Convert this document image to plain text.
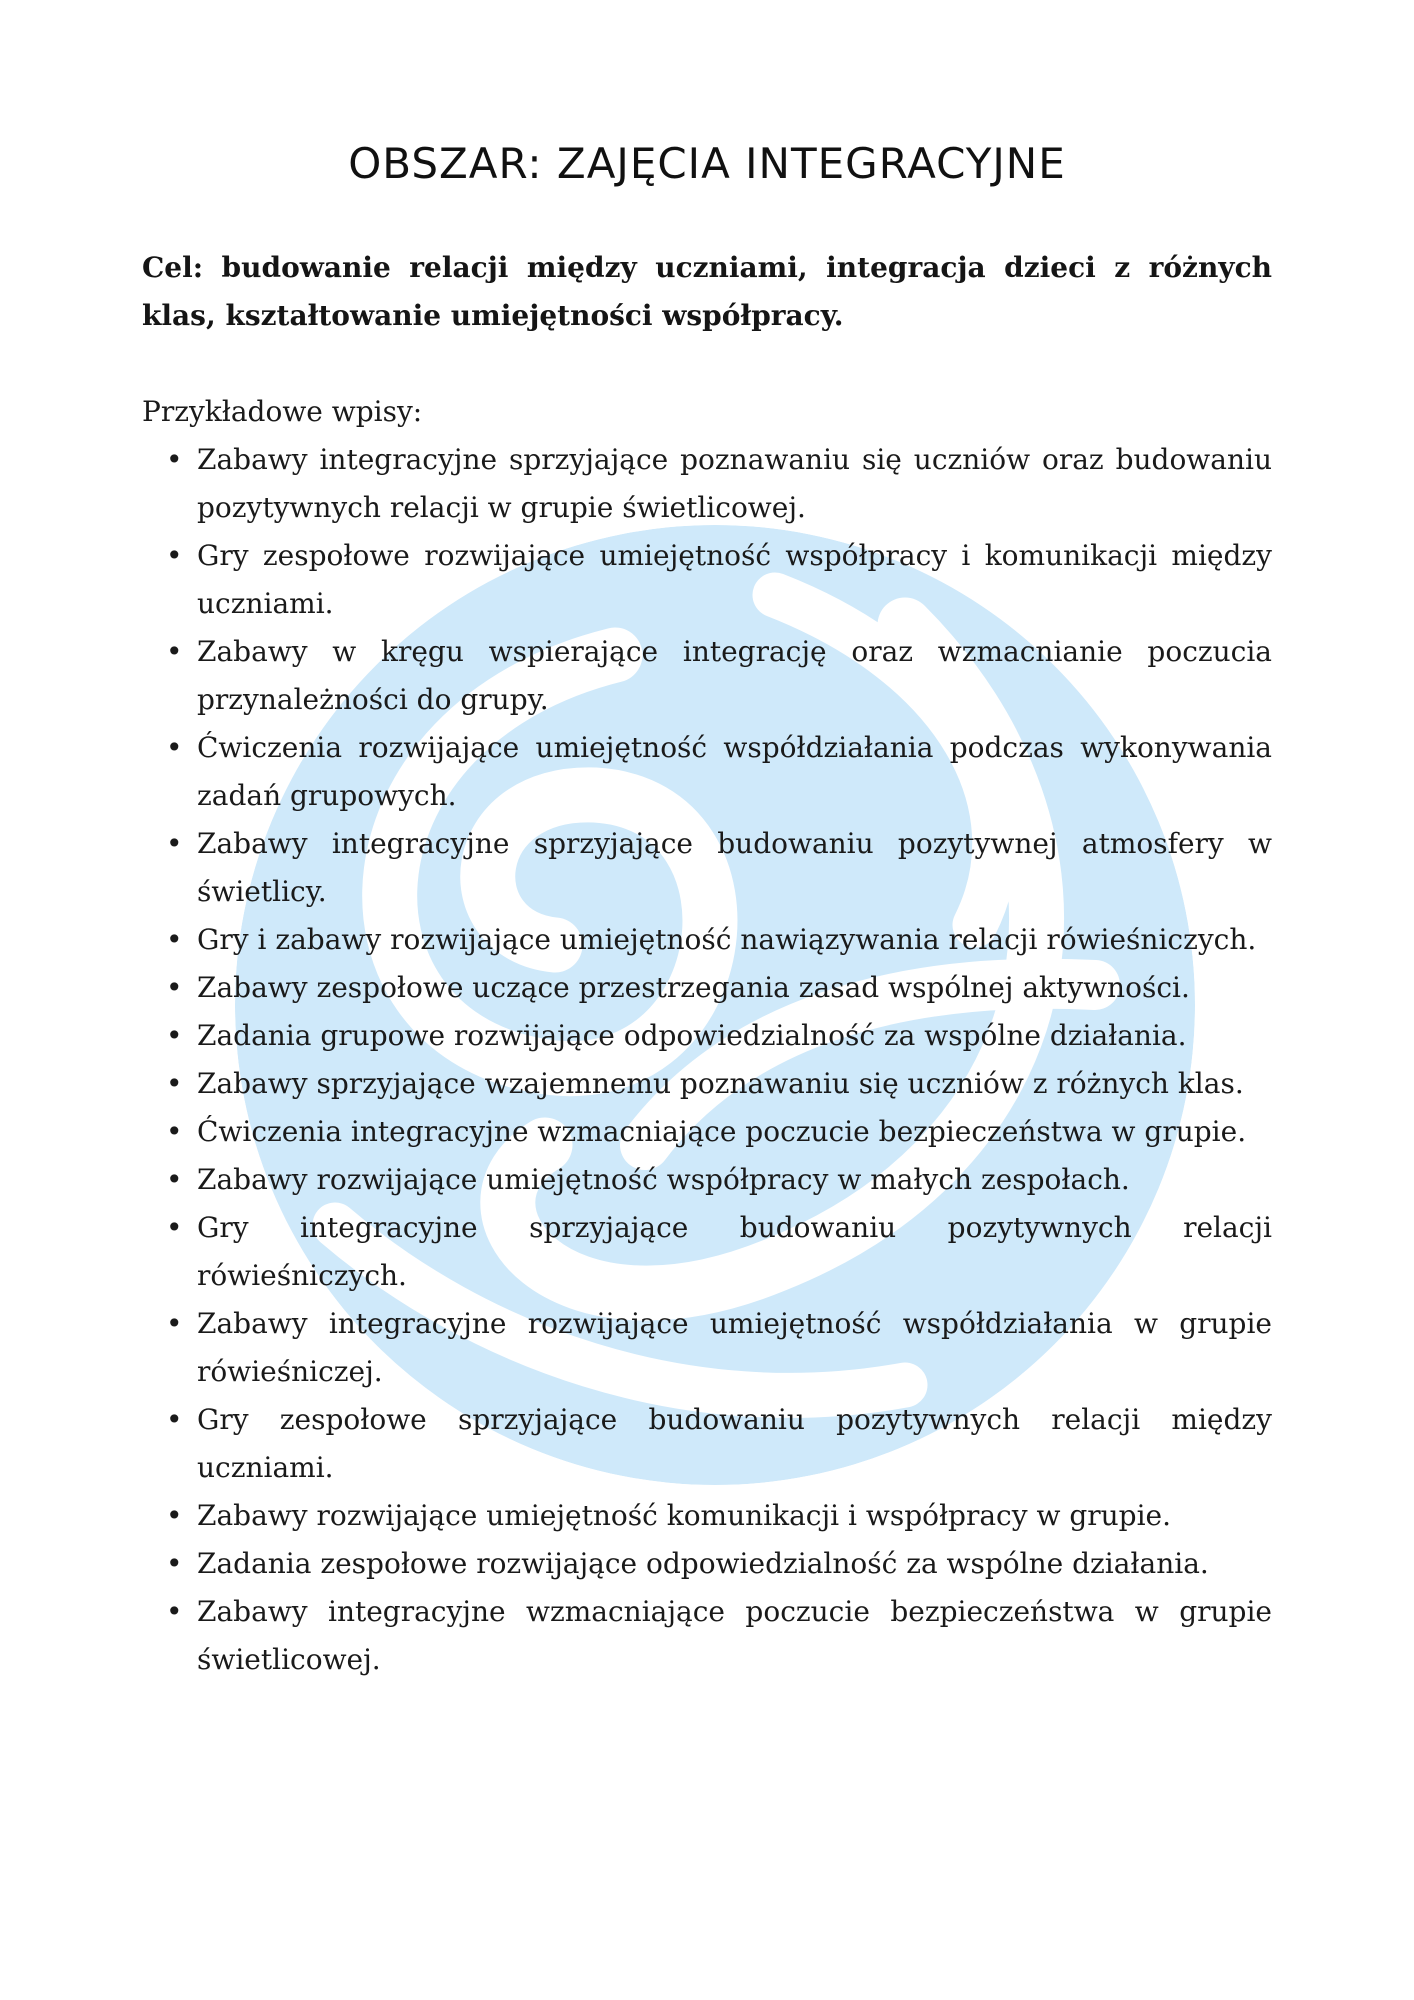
OBSZAR: ZAJĘCIA INTEGRACYJNE

Cel: budowanie relacji między uczniami, integracja dzieci z różnych klas, kształtowanie umiejętności współpracy.

Przykładowe wpisy:

• Zabawy integracyjne sprzyjające poznawaniu się uczniów oraz budowaniu pozytywnych relacji w grupie świetlicowej.
• Gry zespołowe rozwijające umiejętność współpracy i komunikacji między uczniami.
• Zabawy w kręgu wspierające integrację oraz wzmacnianie poczucia przynależności do grupy.
• Ćwiczenia rozwijające umiejętność współdziałania podczas wykonywania zadań grupowych.
• Zabawy integracyjne sprzyjające budowaniu pozytywnej atmosfery w świetlicy.
• Gry i zabawy rozwijające umiejętność nawiązywania relacji rówieśniczych.
• Zabawy zespołowe uczące przestrzegania zasad wspólnej aktywności.
• Zadania grupowe rozwijające odpowiedzialność za wspólne działania.
• Zabawy sprzyjające wzajemnemu poznawaniu się uczniów z różnych klas.
• Ćwiczenia integracyjne wzmacniające poczucie bezpieczeństwa w grupie.
• Zabawy rozwijające umiejętność współpracy w małych zespołach.
• Gry integracyjne sprzyjające budowaniu pozytywnych relacji rówieśniczych.
• Zabawy integracyjne rozwijające umiejętność współdziałania w grupie rówieśniczej.
• Gry zespołowe sprzyjające budowaniu pozytywnych relacji między uczniami.
• Zabawy rozwijające umiejętność komunikacji i współpracy w grupie.
• Zadania zespołowe rozwijające odpowiedzialność za wspólne działania.
• Zabawy integracyjne wzmacniające poczucie bezpieczeństwa w grupie świetlicowej.
